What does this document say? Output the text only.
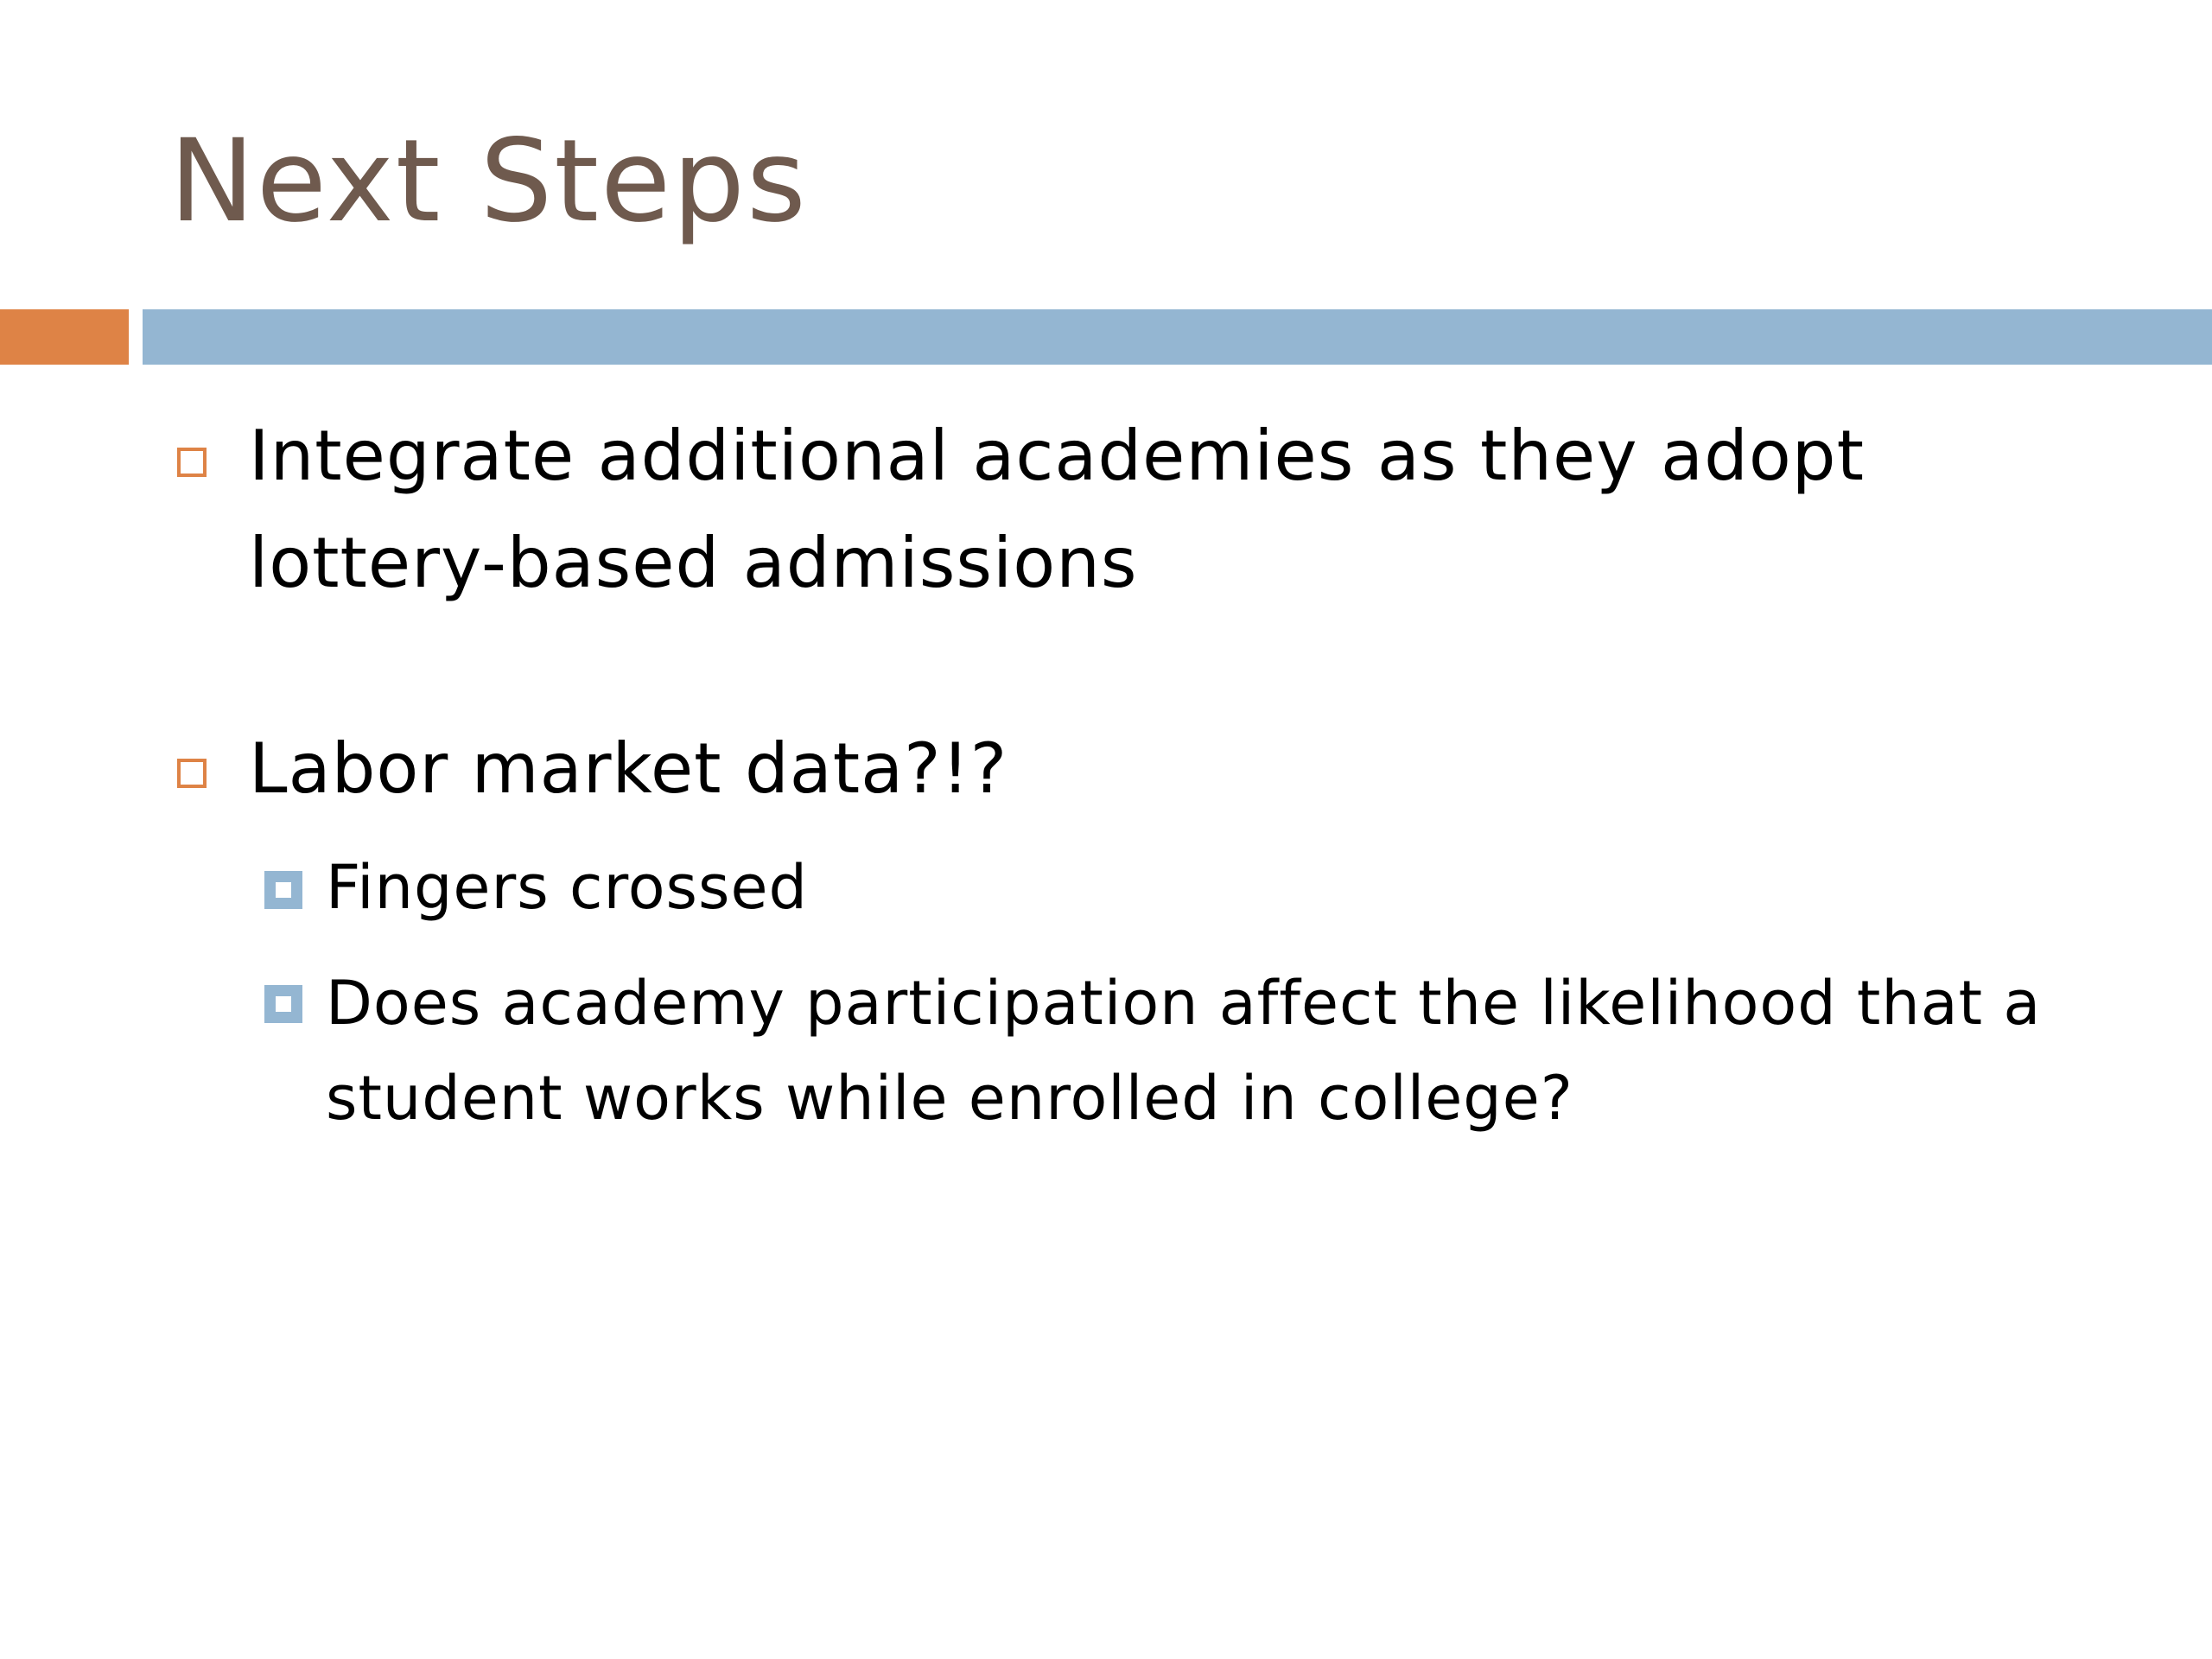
Next Steps
Integrate additional academies as they adopt
lottery-based admissions
Labor market data?!?
Fingers crossed
Does academy participation affect the likelihood that a
student works while enrolled in college?
